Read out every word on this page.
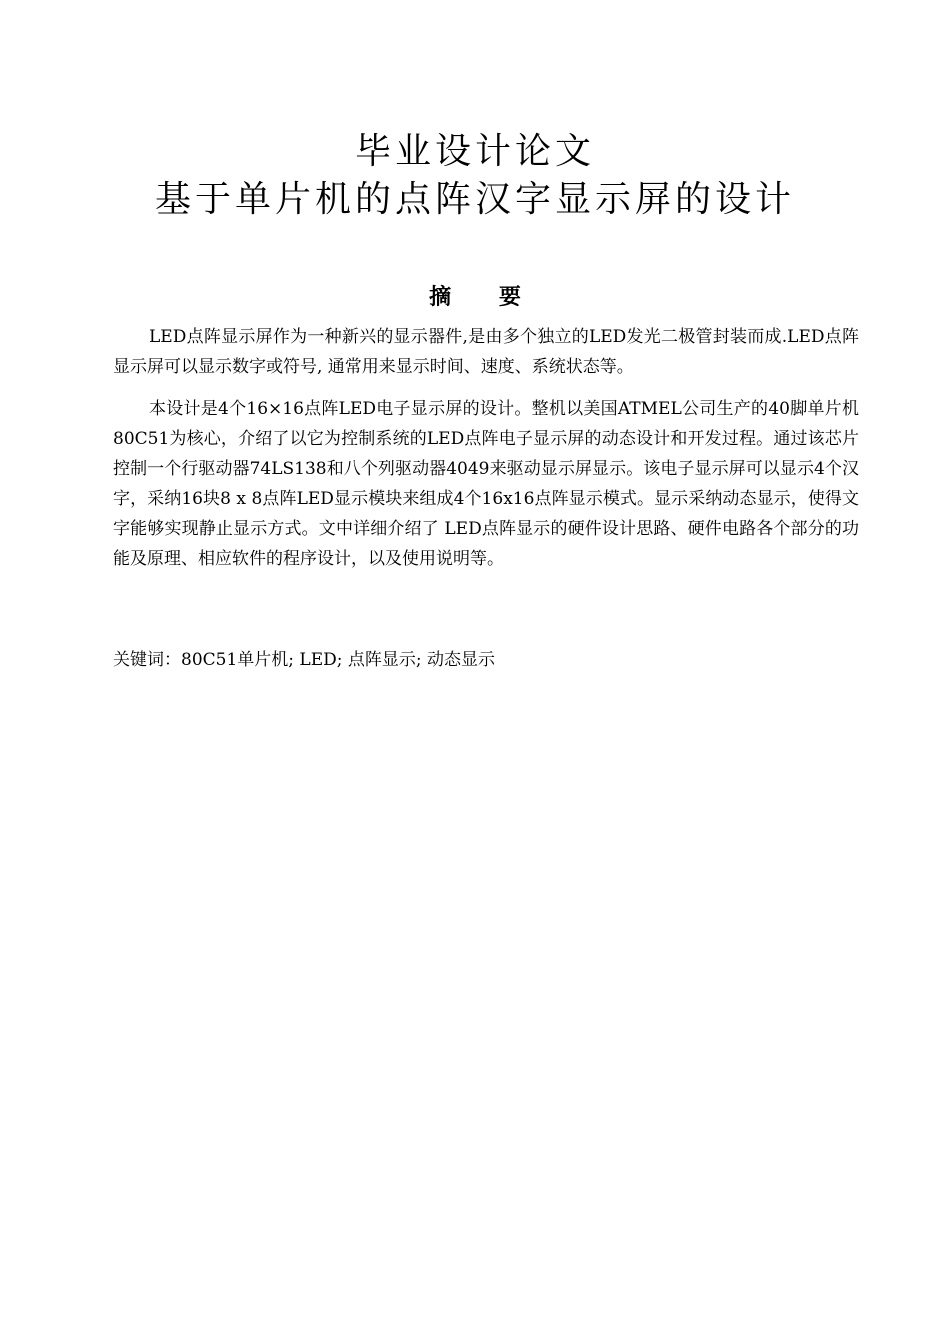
毕业设计论文
基于单片机的点阵汉字显示屏的设计
摘 要

LED点阵显示屏作为一种新兴的显示器件,是由多个独立的LED发光二极管封装而成.LED点阵显示屏可以显示数字或符号, 通常用来显示时间、速度、系统状态等。

本设计是4个16×16点阵LED电子显示屏的设计。整机以美国ATMEL公司生产的40脚单片机80C51为核心，介绍了以它为控制系统的LED点阵电子显示屏的动态设计和开发过程。通过该芯片控制一个行驱动器74LS138和八个列驱动器4049来驱动显示屏显示。该电子显示屏可以显示4个汉字，采纳16块8 x 8点阵LED显示模块来组成4个16x16点阵显示模式。显示采纳动态显示，使得文字能够实现静止显示方式。文中详细介绍了 LED点阵显示的硬件设计思路、硬件电路各个部分的功能及原理、相应软件的程序设计，以及使用说明等。

关键词：80C51单片机; LED; 点阵显示; 动态显示
